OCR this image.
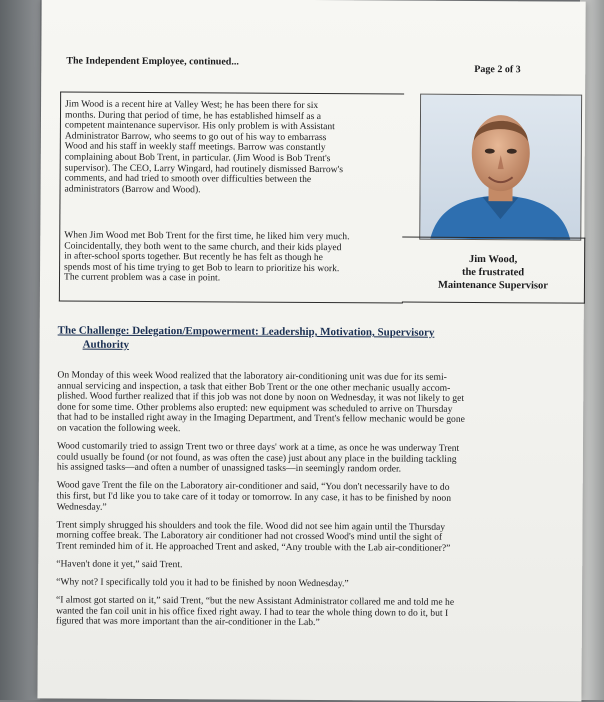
The Independent Employee, continued...
Page 2 of 3
Jim Wood is a recent hire at Valley West; he has been there for six
months. During that period of time, he has established himself as a
competent maintenance supervisor. His only problem is with Assistant
Administrator Barrow, who seems to go out of his way to embarrass
Wood and his staff in weekly staff meetings. Barrow was constantly
complaining about Bob Trent, in particular. (Jim Wood is Bob Trent's
supervisor). The CEO, Larry Wingard, had routinely dismissed Barrow's
comments, and had tried to smooth over difficulties between the
administrators (Barrow and Wood).
When Jim Wood met Bob Trent for the first time, he liked him very much.
Coincidentally, they both went to the same church, and their kids played
in after-school sports together. But recently he has felt as though he
spends most of his time trying to get Bob to learn to prioritize his work.
The current problem was a case in point.
Jim Wood,
the frustrated
Maintenance Supervisor
The Challenge: Delegation/Empowerment: Leadership, Motivation, Supervisory
Authority

On Monday of this week Wood realized that the laboratory air-conditioning unit was due for its semi-
annual servicing and inspection, a task that either Bob Trent or the one other mechanic usually accom-
plished. Wood further realized that if this job was not done by noon on Wednesday, it was not likely to get
done for some time. Other problems also erupted: new equipment was scheduled to arrive on Thursday
that had to be installed right away in the Imaging Department, and Trent's fellow mechanic would be gone
on vacation the following week.

Wood customarily tried to assign Trent two or three days' work at a time, as once he was underway Trent
could usually be found (or not found, as was often the case) just about any place in the building tackling
his assigned tasks—and often a number of unassigned tasks—in seemingly random order.

Wood gave Trent the file on the Laboratory air-conditioner and said, “You don't necessarily have to do
this first, but I'd like you to take care of it today or tomorrow. In any case, it has to be finished by noon
Wednesday.”

Trent simply shrugged his shoulders and took the file. Wood did not see him again until the Thursday
morning coffee break. The Laboratory air conditioner had not crossed Wood's mind until the sight of
Trent reminded him of it. He approached Trent and asked, “Any trouble with the Lab air-conditioner?”

“Haven't done it yet,” said Trent.

“Why not? I specifically told you it had to be finished by noon Wednesday.”

“I almost got started on it,” said Trent, “but the new Assistant Administrator collared me and told me he
wanted the fan coil unit in his office fixed right away. I had to tear the whole thing down to do it, but I
figured that was more important than the air-conditioner in the Lab.”
